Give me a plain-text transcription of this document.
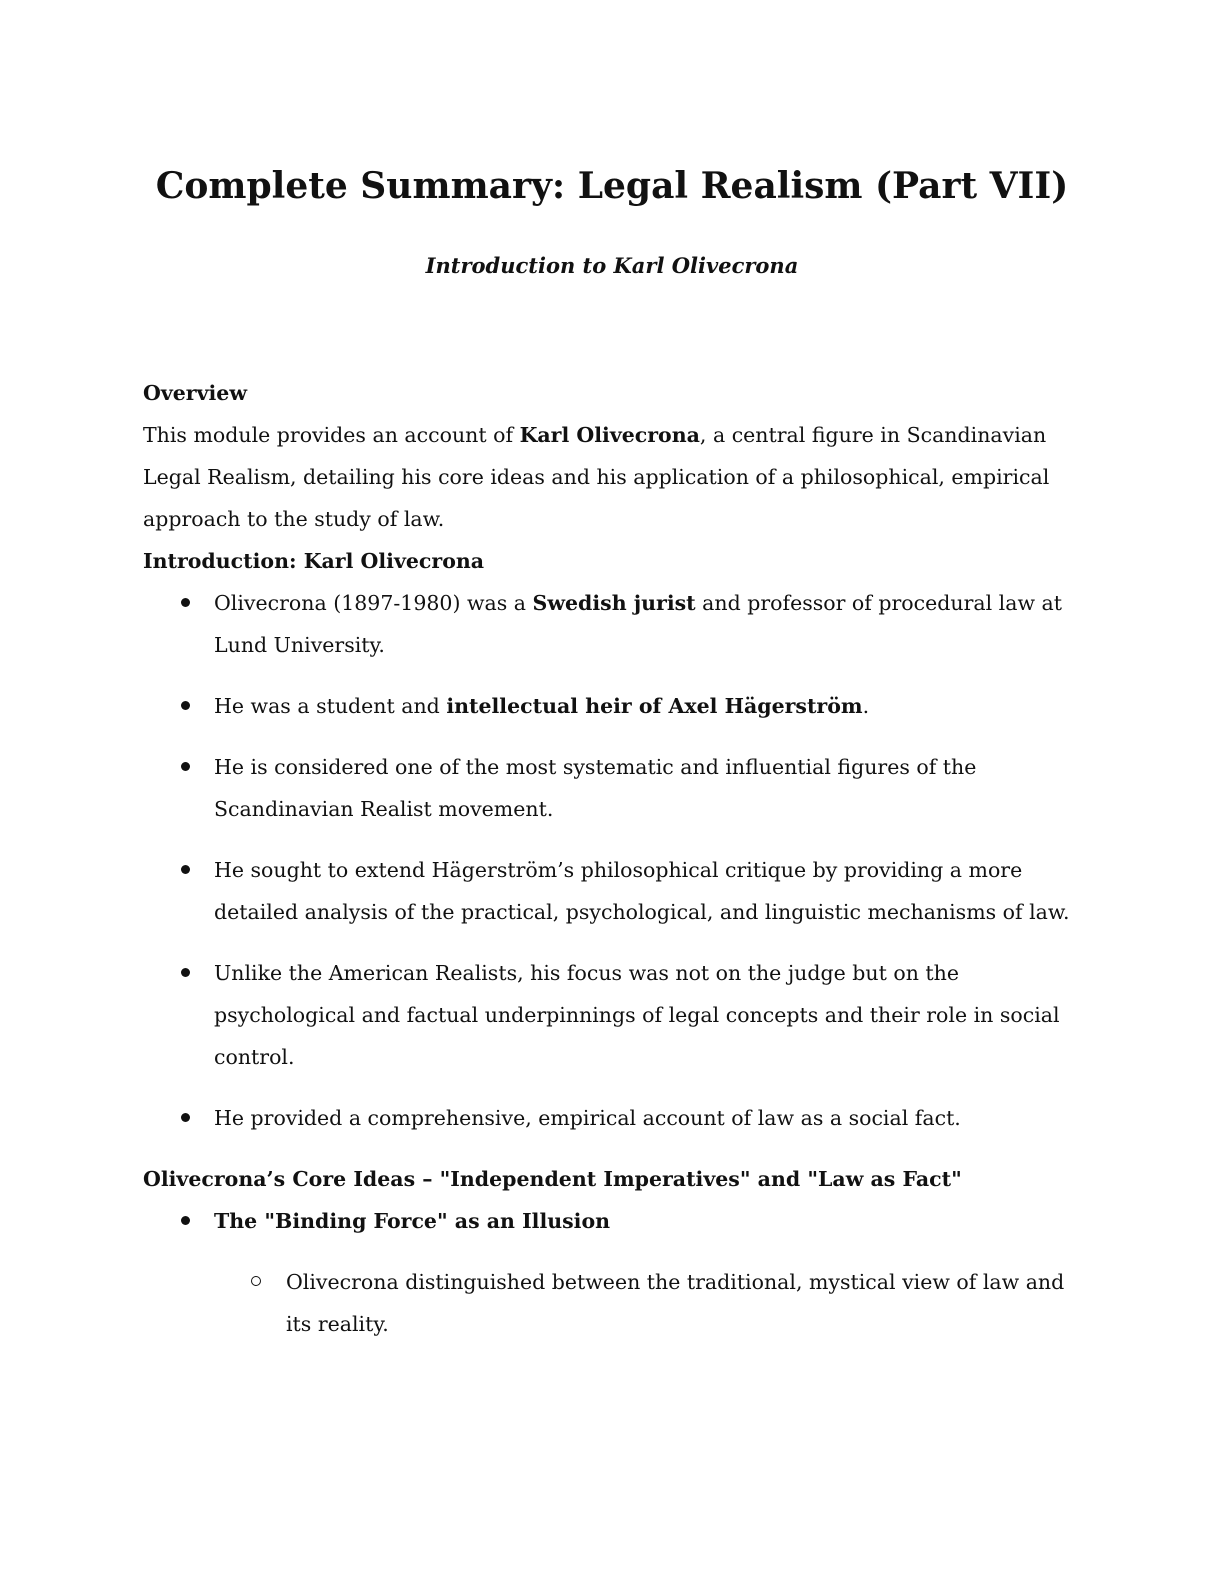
Complete Summary: Legal Realism (Part VII)

Introduction to Karl Olivecrona

Overview

This module provides an account of Karl Olivecrona, a central figure in Scandinavian Legal Realism, detailing his core ideas and his application of a philosophical, empirical approach to the study of law.

Introduction: Karl Olivecrona

Olivecrona (1897-1980) was a Swedish jurist and professor of procedural law at Lund University.
He was a student and intellectual heir of Axel Hägerström.
He is considered one of the most systematic and influential figures of the Scandinavian Realist movement.
He sought to extend Hägerström’s philosophical critique by providing a more detailed analysis of the practical, psychological, and linguistic mechanisms of law.
Unlike the American Realists, his focus was not on the judge but on the psychological and factual underpinnings of legal concepts and their role in social control.
He provided a comprehensive, empirical account of law as a social fact.

Olivecrona’s Core Ideas – "Independent Imperatives" and "Law as Fact"

The "Binding Force" as an Illusion
Olivecrona distinguished between the traditional, mystical view of law and its reality.
